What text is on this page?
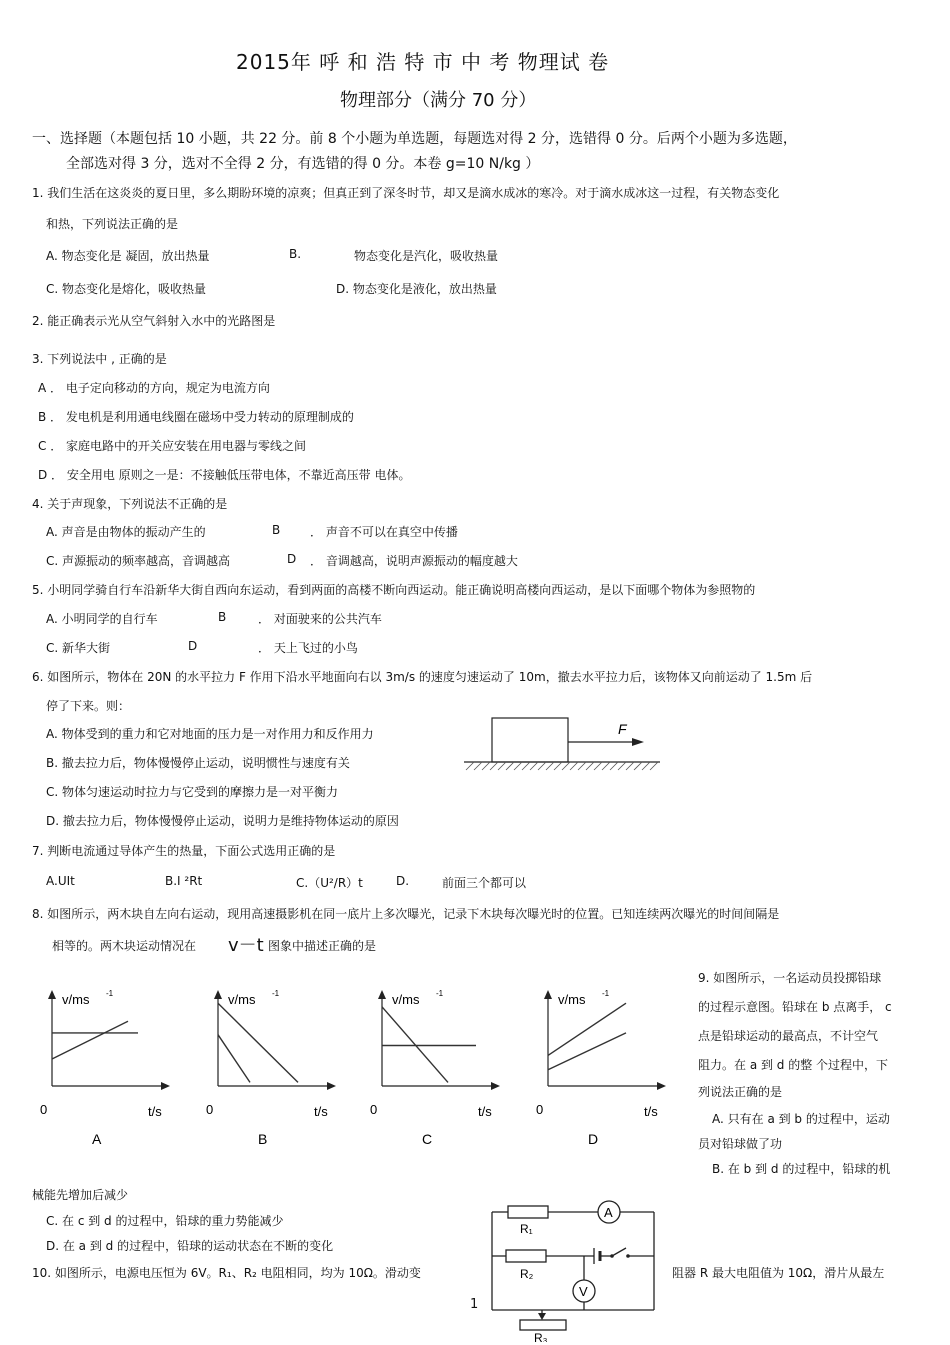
2015年 呼 和 浩 特 市 中 考 物理试 卷
物理部分（满分 70 分）
一、选择题（本题包括 10 小题，共 22 分。前 8 个小题为单选题，每题选对得 2 分，选错得 0 分。后两个小题为多选题，
全部选对得 3 分，选对不全得 2 分，有选错的得 0 分。本卷 g=10 N/kg ）
1. 我们生活在这炎炎的夏日里，多么期盼环境的凉爽；但真正到了深冬时节，却又是滴水成冰的寒冷。对于滴水成冰这一过程，有关物态变化
和热，下列说法正确的是
A. 物态变化是 凝固，放出热量	B.	物态变化是汽化，吸收热量
C. 物态变化是熔化，吸收热量	D. 物态变化是液化，放出热量
2. 能正确表示光从空气斜射入水中的光路图是
3. 下列说法中 , 正确的是
A ． 电子定向移动的方向，规定为电流方向
B ． 发电机是利用通电线圈在磁场中受力转动的原理制成的
C ． 家庭电路中的开关应安装在用电器与零线之间
D ． 安全用电 原则之一是：不接触低压带电体，不靠近高压带 电体。
4. 关于声现象，下列说法不正确的是
A. 声音是由物体的振动产生的	B ． 声音不可以在真空中传播
C. 声源振动的频率越高，音调越高	D ． 音调越高，说明声源振动的幅度越大
5. 小明同学骑自行车沿新华大街自西向东运动，看到两面的高楼不断向西运动。能正确说明高楼向西运动，是以下面哪个物体为参照物的
A. 小明同学的自行车	B	． 对面驶来的公共汽车
C. 新华大街	D	． 天上飞过的小鸟
6. 如图所示，物体在 20N 的水平拉力 F 作用下沿水平地面向右以 3m/s 的速度匀速运动了 10m，撤去水平拉力后，该物体又向前运动了 1.5m 后
停了下来。则：
A. 物体受到的重力和它对地面的压力是一对作用力和反作用力
B. 撤去拉力后，物体慢慢停止运动，说明惯性与速度有关
C. 物体匀速运动时拉力与它受到的摩擦力是一对平衡力
D. 撤去拉力后，物体慢慢停止运动，说明力是维持物体运动的原因
F
7. 判断电流通过导体产生的热量，下面公式选用正确的是
A.UIt	B.I ²Rt	C.（U²/R）t	D.	前面三个都可以
8. 如图所示，两木块自左向右运动，现用高速摄影机在同一底片上多次曝光，记录下木块每次曝光时的位置。已知连续两次曝光的时间间隔是
相等的。两木块运动情况在 v－t 图象中描述正确的是
v/ms -1
0	t/s
A
v/ms -1
0	t/s
B
v/ms -1
0	t/s
C
v/ms -1
0	t/s
D
9. 如图所示，一名运动员投掷铅球
的过程示意图。铅球在 b 点离手， c
点是铅球运动的最高点，不计空气
阻力。在 a 到 d 的整 个过程中，下
列说法正确的是
A. 只有在 a 到 b 的过程中，运动
员对铅球做了功
B. 在 b 到 d 的过程中，铅球的机
械能先增加后减少
C. 在 c 到 d 的过程中，铅球的重力势能减少
D. 在 a 到 d 的过程中，铅球的运动状态在不断的变化
10. 如图所示，电源电压恒为 6V。R₁、R₂ 电阻相同，均为 10Ω。滑动变	阻器 R 最大电阻值为 10Ω，滑片从最左
R₁
R₂
R₃
A
V
1
